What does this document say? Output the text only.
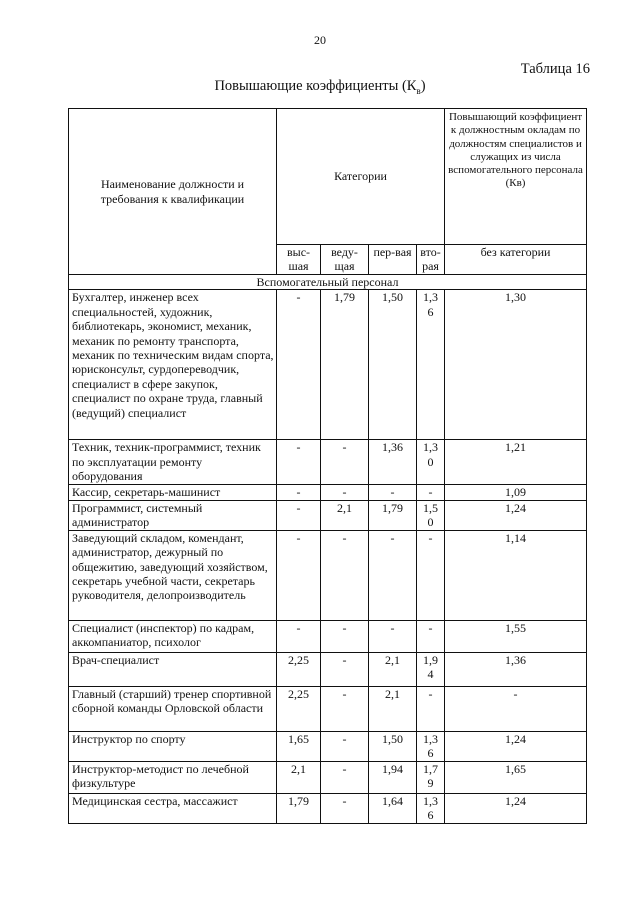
20
Таблица 16
Повышающие коэффициенты $(К_в)$
Наименование должности и требования к квалификации	Категории				Повышающий коэффициент к должностным окладам по должностям специалистов и служащих из числа вспомогательного персонала (Кв)
	выс-шая	веду-щая	пер-вая	вто-рая	без категории
Вспомогательный персонал					
Бухгалтер, инженер всех специальностей, художник, библиотекарь, экономист, механик, механик по ремонту транспорта, механик по техническим видам спорта, юрисконсульт, сурдопереводчик, специалист в сфере закупок, специалист по охране труда, главный (ведущий) специалист	-	1,79	1,50	1,36	1,30
Техник, техник-программист, техник по эксплуатации ремонту оборудования	-	-	1,36	1,30	1,21
Кассир, секретарь-машинист	-	-	-	-	1,09
Программист, системный администратор	-	2,1	1,79	1,50	1,24
Заведующий складом, комендант, администратор, дежурный по общежитию, заведующий хозяйством, секретарь учебной части, секретарь руководителя, делопроизводитель	-	-	-	-	1,14
Специалист (инспектор) по кадрам, аккомпаниатор, психолог	-	-	-	-	1,55
Врач-специалист	2,25	-	2,1	1,94	1,36
Главный (старший) тренер спортивной сборной команды Орловской области	2,25	-	2,1	-	-
Инструктор по спорту	1,65	-	1,50	1,36	1,24
Инструктор-методист по лечебной физкультуре	2,1	-	1,94	1,79	1,65
Медицинская сестра, массажист	1,79	-	1,64	1,36	1,24
